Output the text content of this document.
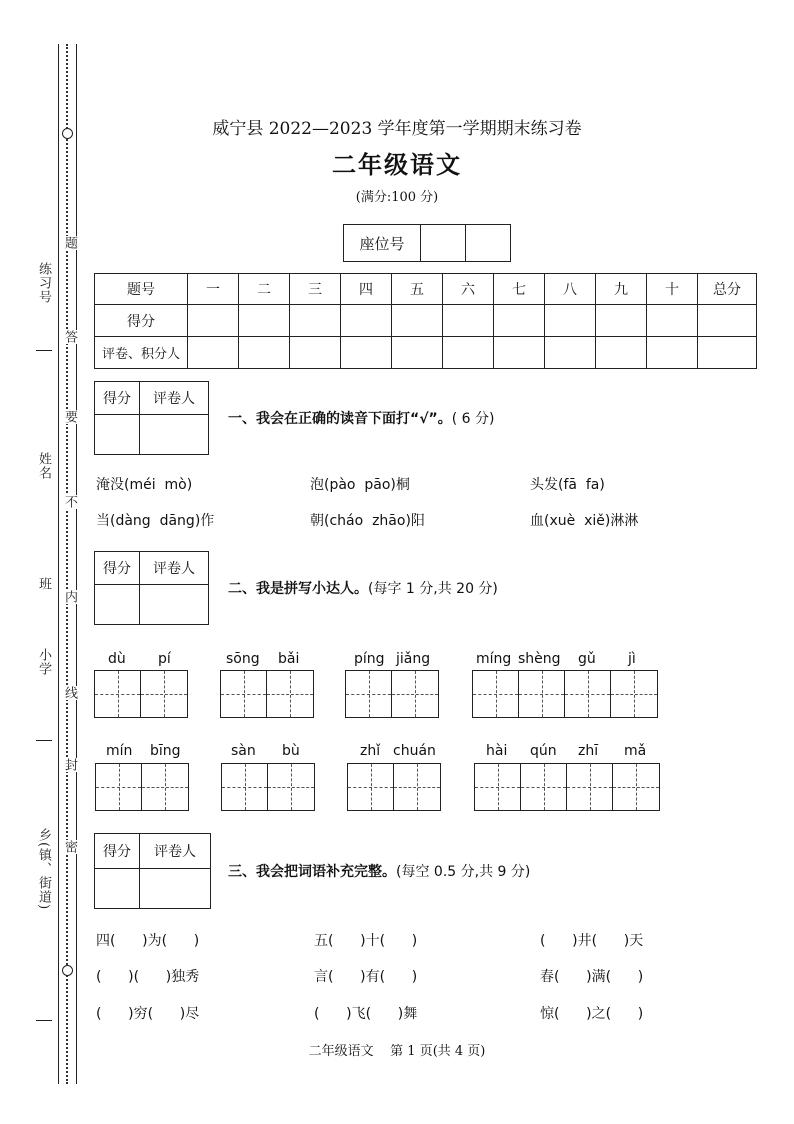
题
答
要
不
内
线
封
密
练习号
姓名
班
小学
乡(镇、街道)
威宁县 2022—2023 学年度第一学期期末练习卷
二年级语文
(满分:100 分)
座位号		
题号	一	二	三	四	五	六	七	八	九	十	总分
得分											
评卷、积分人											
得分	评卷人

一、我会在正确的读音下面打“√”。( 6 分)
淹没(méi  mò)	泡(pào  pāo)桐	头发(fā  fa)
当(dàng  dāng)作	朝(cháo  zhāo)阳	血(xuè  xiě)淋淋
得分	评卷人

二、我是拼写小达人。(每字 1 分,共 20 分)
dù pí	sōng bǎi	píng jiǎng	míng shèng gǔ jì
mín bīng	sàn bù	zhǐ chuán	hài qún zhī mǎ
得分	评卷人

三、我会把词语补充完整。(每空 0.5 分,共 9 分)
四(      )为(      )	五(      )十(      )	(      )井(      )天
(      )(      )独秀	言(      )有(      )	春(      )满(      )
(      )穷(      )尽	(      )飞(      )舞	惊(      )之(      )
二年级语文    第 1 页(共 4 页)
